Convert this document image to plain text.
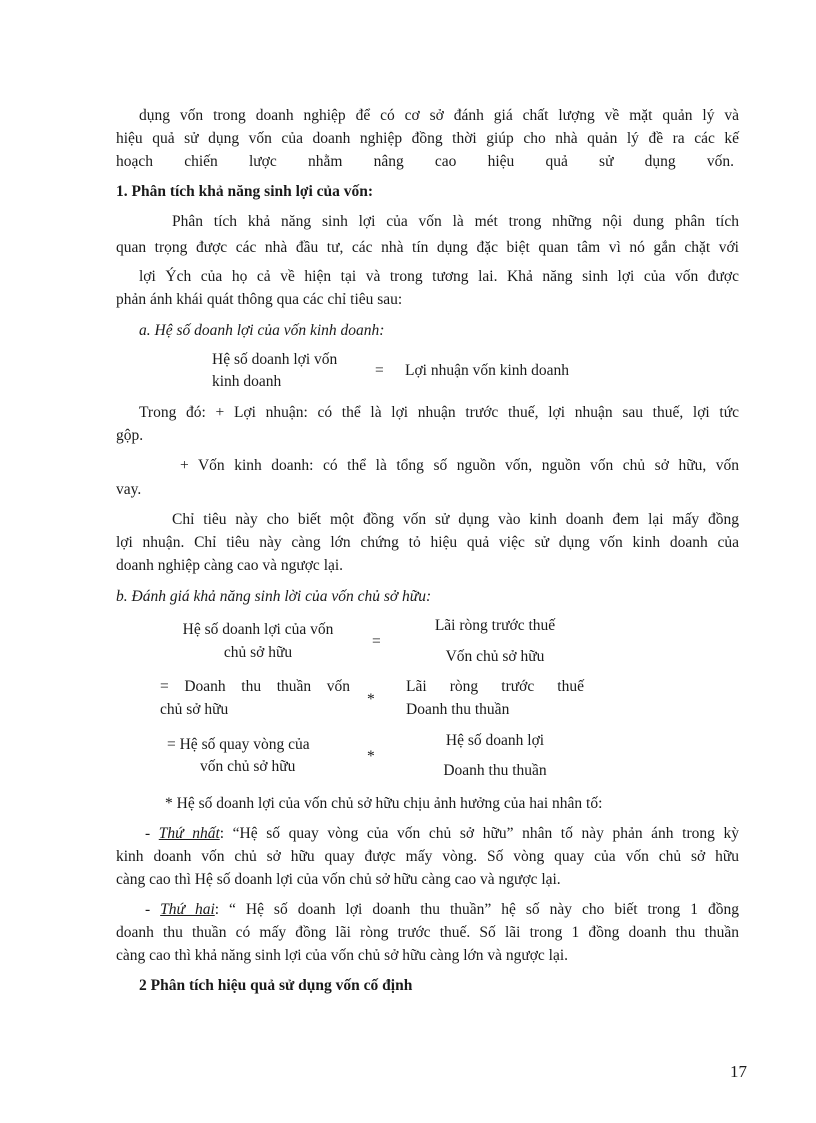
dụng vốn trong doanh nghiệp để có cơ sở đánh giá chất lượng về mặt quản lý và
hiệu quả sử dụng vốn của doanh nghiệp đồng thời giúp cho nhà quản lý đề ra các kế
hoạch chiến lược nhằm nâng cao hiệu quả sử dụng vốn.
1. Phân tích khả năng sinh lợi của vốn:
Phân tích khả năng sinh lợi của vốn là mét trong những nội dung phân tích
quan trọng được các nhà đầu tư, các nhà tín dụng đặc biệt quan tâm vì nó gắn chặt với
lợi Ých của họ cả về hiện tại và trong tương lai. Khả năng sinh lợi của vốn được
phản ánh khái quát thông qua các chỉ tiêu sau:
a. Hệ số doanh lợi của vốn kinh doanh:
Hệ số doanh lợi vốn
kinh doanh
= Lợi nhuận vốn kinh doanh
Trong đó: + Lợi nhuận: có thể là lợi nhuận trước thuế, lợi nhuận sau thuế, lợi tức
gộp.
+ Vốn kinh doanh: có thể là tổng số nguồn vốn, nguồn vốn chủ sở hữu, vốn
vay.
Chỉ tiêu này cho biết một đồng vốn sử dụng vào kinh doanh đem lại mấy đồng
lợi nhuận. Chỉ tiêu này càng lớn chứng tỏ hiệu quả việc sử dụng vốn kinh doanh của
doanh nghiệp càng cao và ngược lại.
b. Đánh giá khả năng sinh lời của vốn chủ sở hữu:
Hệ số doanh lợi của vốn
chủ sở hữu
=
Lãi ròng trước thuế
Vốn chủ sở hữu
= Doanh thu thuần vốn
chủ sở hữu
*
Lãi ròng trước thuế
Doanh thu thuần
= Hệ số quay vòng của
vốn chủ sở hữu
*
Hệ số doanh lợi
Doanh thu thuần
* Hệ số doanh lợi của vốn chủ sở hữu chịu ảnh hưởng của hai nhân tố:
- Thứ nhất: “Hệ số quay vòng của vốn chủ sở hữu” nhân tố này phản ánh trong kỳ
kinh doanh vốn chủ sở hữu quay được mấy vòng. Số vòng quay của vốn chủ sở hữu
càng cao thì Hệ số doanh lợi của vốn chủ sở hữu càng cao và ngược lại.
- Thứ hai: “ Hệ số doanh lợi doanh thu thuần” hệ số này cho biết trong 1 đồng
doanh thu thuần có mấy đồng lãi ròng trước thuế. Số lãi trong 1 đồng doanh thu thuần
càng cao thì khả năng sinh lợi của vốn chủ sở hữu càng lớn và ngược lại.
2 Phân tích hiệu quả sử dụng vốn cố định
17
